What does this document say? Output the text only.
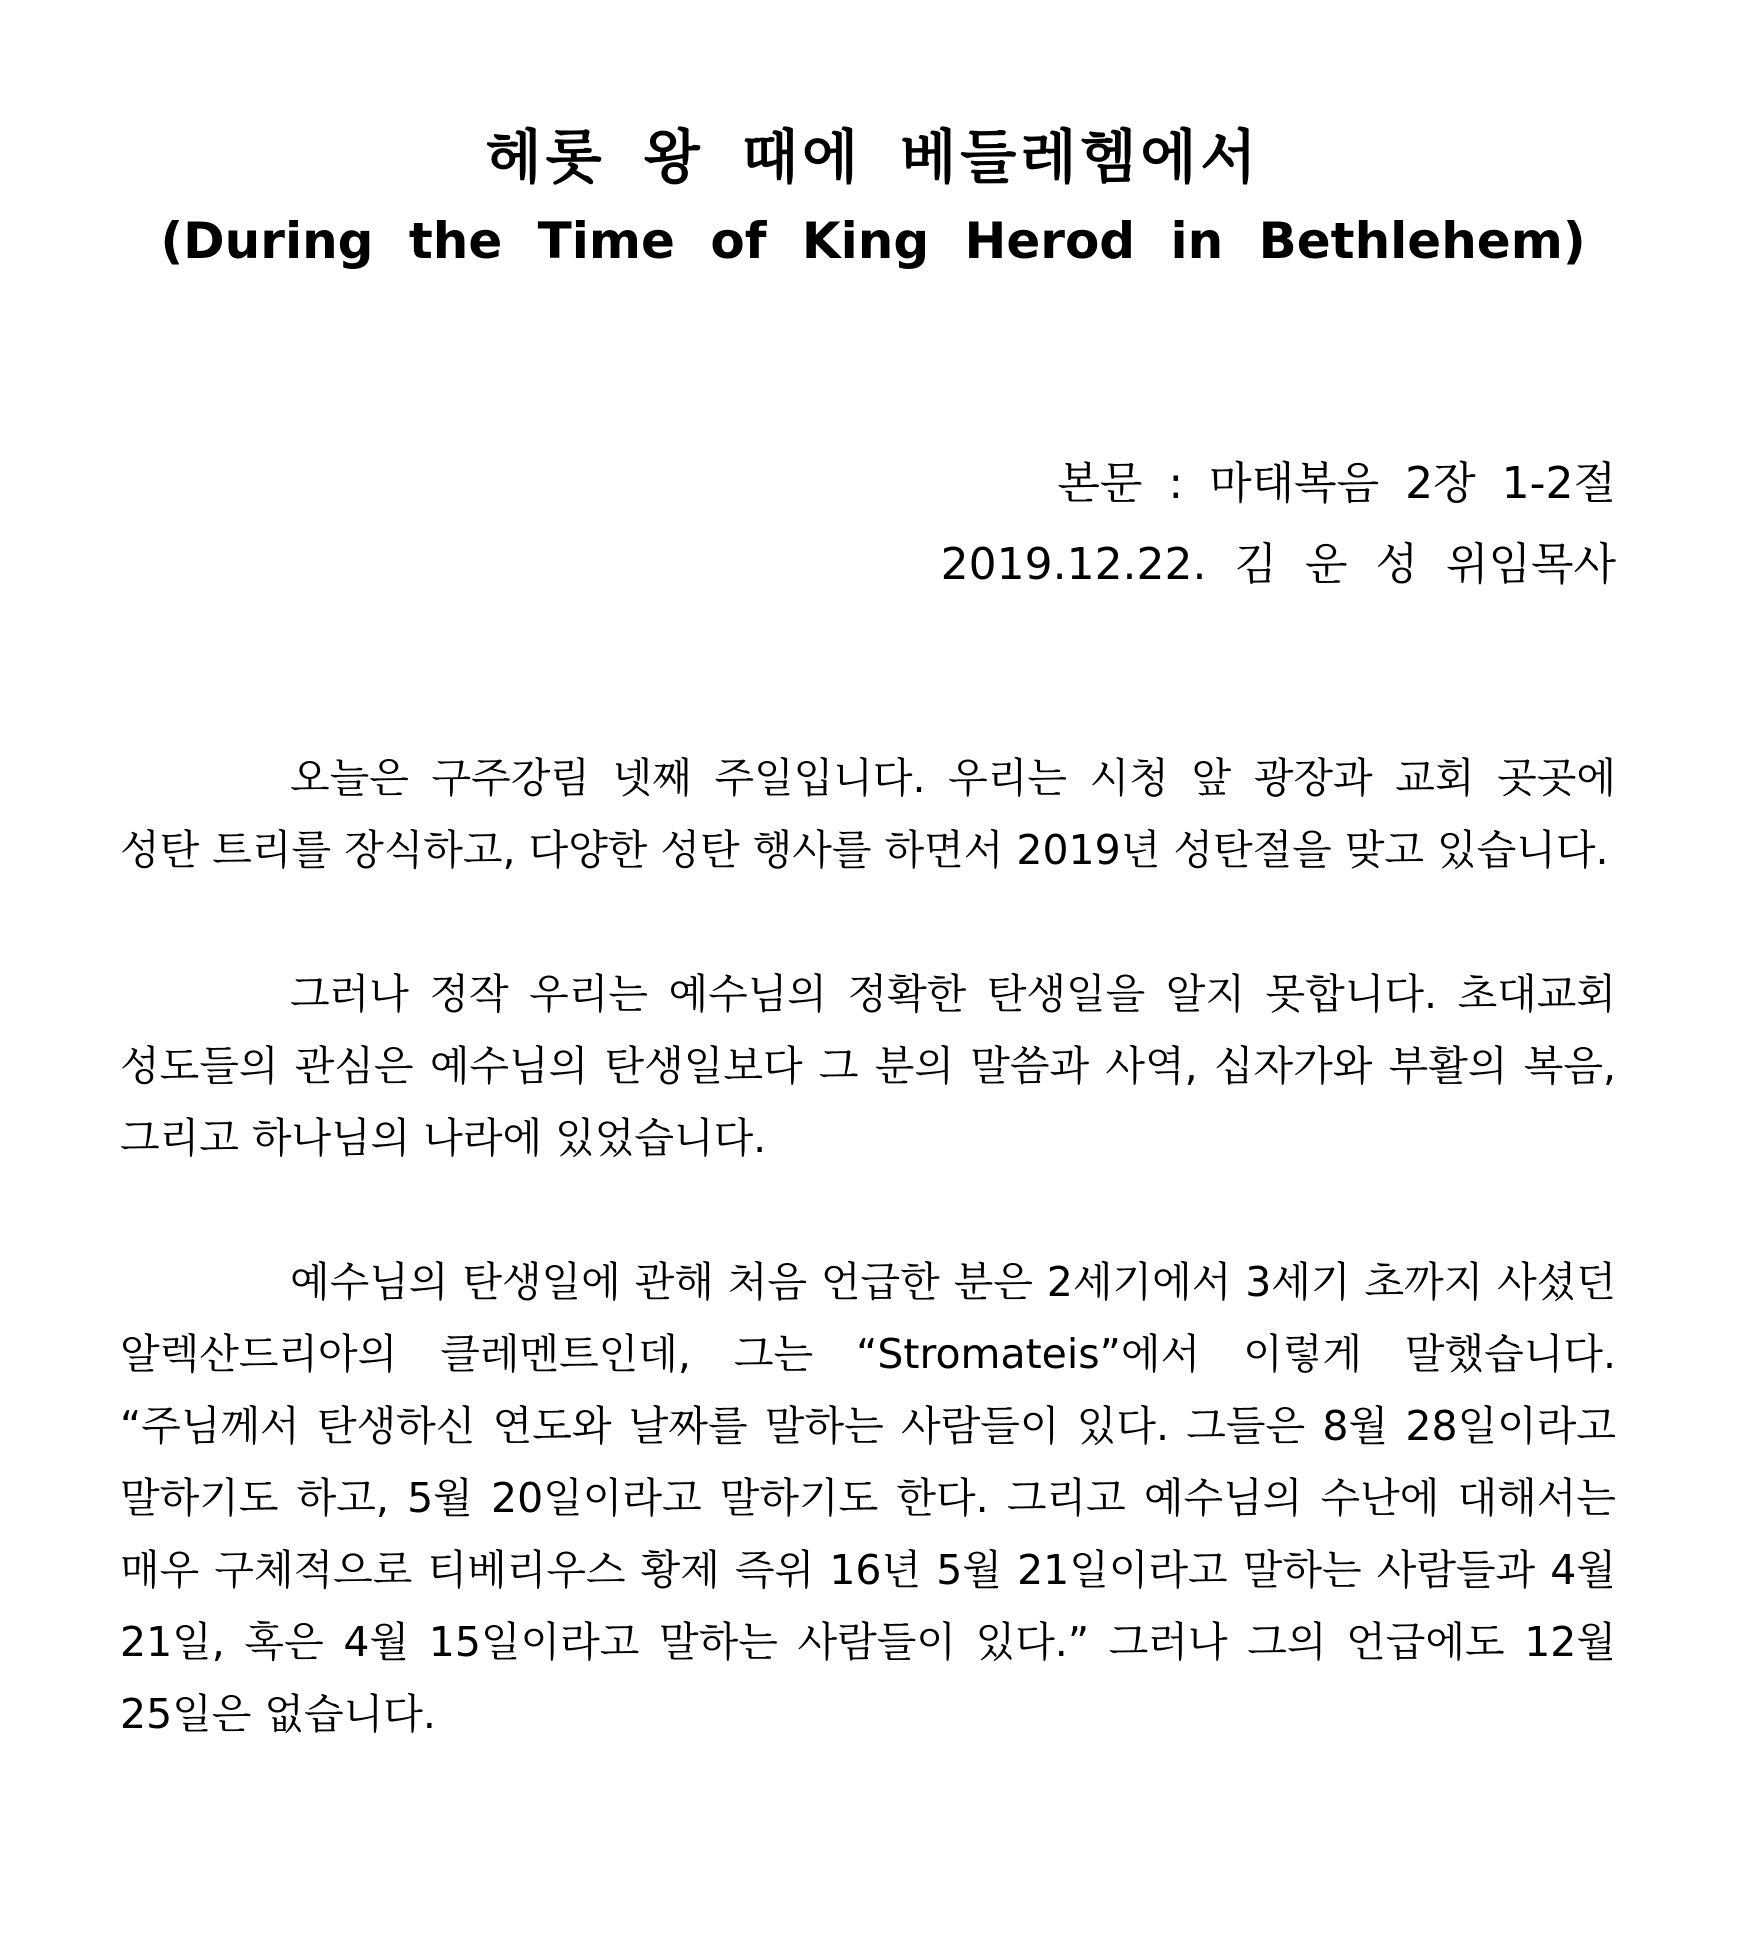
헤롯 왕 때에 베들레헴에서
(During the Time of King Herod in Bethlehem)

본문 : 마태복음 2장 1-2절

2019.12.22. 김 운 성 위임목사

오늘은 구주강림 넷째 주일입니다. 우리는 시청 앞 광장과 교회 곳곳에 성탄 트리를 장식하고, 다양한 성탄 행사를 하면서 2019년 성탄절을 맞고 있습니다.

그러나 정작 우리는 예수님의 정확한 탄생일을 알지 못합니다. 초대교회 성도들의 관심은 예수님의 탄생일보다 그 분의 말씀과 사역, 십자가와 부활의 복음, 그리고 하나님의 나라에 있었습니다.

예수님의 탄생일에 관해 처음 언급한 분은 2세기에서 3세기 초까지 사셨던 알렉산드리아의 클레멘트인데, 그는 “Stromateis”에서 이렇게 말했습니다. “주님께서 탄생하신 연도와 날짜를 말하는 사람들이 있다. 그들은 8월 28일이라고 말하기도 하고, 5월 20일이라고 말하기도 한다. 그리고 예수님의 수난에 대해서는 매우 구체적으로 티베리우스 황제 즉위 16년 5월 21일이라고 말하는 사람들과 4월 21일, 혹은 4월 15일이라고 말하는 사람들이 있다.” 그러나 그의 언급에도 12월 25일은 없습니다.
